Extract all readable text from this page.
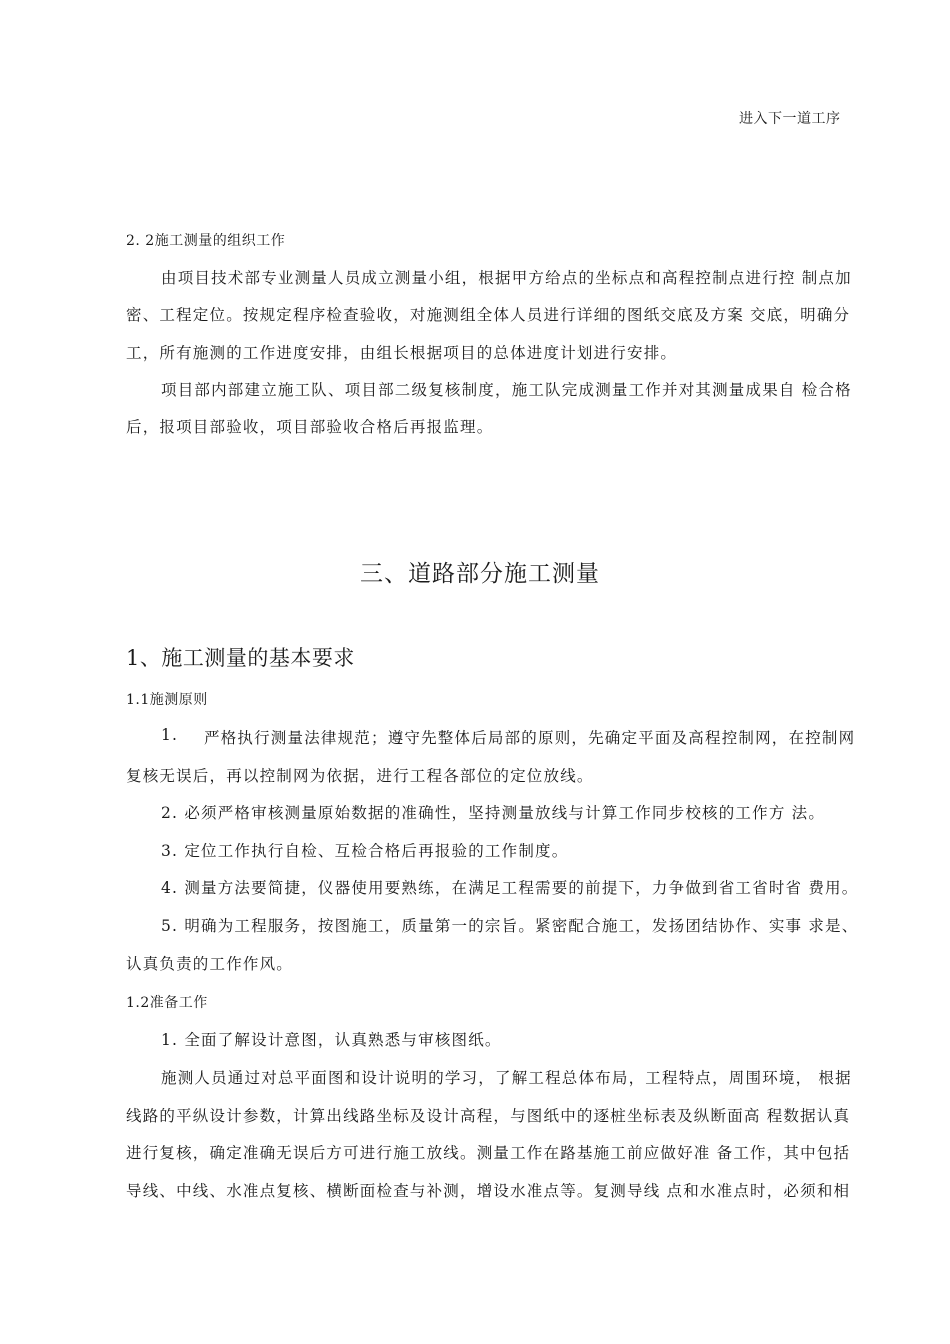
进入下一道工序
2. 2施工测量的组织工作
由项目技术部专业测量人员成立测量小组，根据甲方给点的坐标点和高程控制点进行控 制点加
密、工程定位。按规定程序检查验收，对施测组全体人员进行详细的图纸交底及方案 交底，明确分
工，所有施测的工作进度安排，由组长根据项目的总体进度计划进行安排。
项目部内部建立施工队、项目部二级复核制度，施工队完成测量工作并对其测量成果自 检合格
后，报项目部验收，项目部验收合格后再报监理。
三、道路部分施工测量
1、施工测量的基本要求
1.1施测原则
1. 严格执行测量法律规范；遵守先整体后局部的原则，先确定平面及高程控制网，在控制网
复核无误后，再以控制网为依据，进行工程各部位的定位放线。
2. 必须严格审核测量原始数据的准确性，坚持测量放线与计算工作同步校核的工作方 法。
3. 定位工作执行自检、互检合格后再报验的工作制度。
4. 测量方法要简捷，仪器使用要熟练，在满足工程需要的前提下，力争做到省工省时省 费用。
5. 明确为工程服务，按图施工，质量第一的宗旨。紧密配合施工，发扬团结协作、实事 求是、
认真负责的工作作风。
1.2准备工作
1. 全面了解设计意图，认真熟悉与审核图纸。
施测人员通过对总平面图和设计说明的学习，了解工程总体布局，工程特点，周围环境， 根据
线路的平纵设计参数，计算出线路坐标及设计高程，与图纸中的逐桩坐标表及纵断面高 程数据认真
进行复核，确定准确无误后方可进行施工放线。测量工作在路基施工前应做好准 备工作，其中包括
导线、中线、水准点复核、横断面检查与补测，增设水准点等。复测导线 点和水准点时，必须和相
